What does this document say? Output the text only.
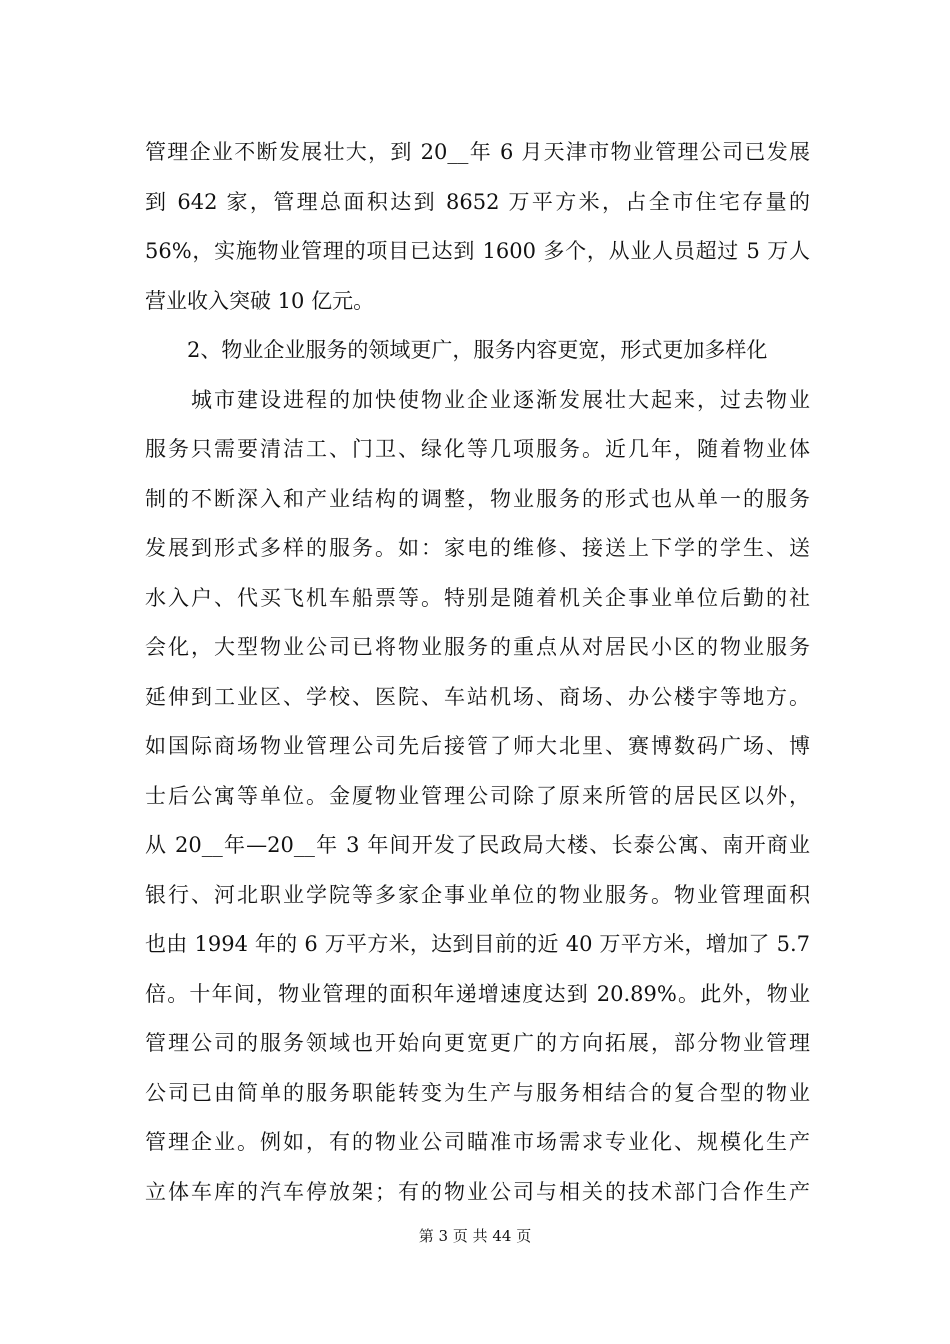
管理企业不断发展壮大，到 20__年 6 月天津市物业管理公司已发展
到 642 家，管理总面积达到 8652 万平方米，占全市住宅存量的
56%，实施物业管理的项目已达到 1600 多个，从业人员超过 5 万人
营业收入突破 10 亿元。
　　2、物业企业服务的领域更广，服务内容更宽，形式更加多样化
　　城市建设进程的加快使物业企业逐渐发展壮大起来，过去物业
服务只需要清洁工、门卫、绿化等几项服务。近几年，随着物业体
制的不断深入和产业结构的调整，物业服务的形式也从单一的服务
发展到形式多样的服务。如：家电的维修、接送上下学的学生、送
水入户、代买飞机车船票等。特别是随着机关企事业单位后勤的社
会化，大型物业公司已将物业服务的重点从对居民小区的物业服务
延伸到工业区、学校、医院、车站机场、商场、办公楼宇等地方。
如国际商场物业管理公司先后接管了师大北里、赛博数码广场、博
士后公寓等单位。金厦物业管理公司除了原来所管的居民区以外，
从 20__年—20__年 3 年间开发了民政局大楼、长泰公寓、南开商业
银行、河北职业学院等多家企事业单位的物业服务。物业管理面积
也由 1994 年的 6 万平方米，达到目前的近 40 万平方米，增加了 5.7
倍。十年间，物业管理的面积年递增速度达到 20.89%。此外，物业
管理公司的服务领域也开始向更宽更广的方向拓展，部分物业管理
公司已由简单的服务职能转变为生产与服务相结合的复合型的物业
管理企业。例如，有的物业公司瞄准市场需求专业化、规模化生产
立体车库的汽车停放架；有的物业公司与相关的技术部门合作生产
第 3 页 共 44 页
